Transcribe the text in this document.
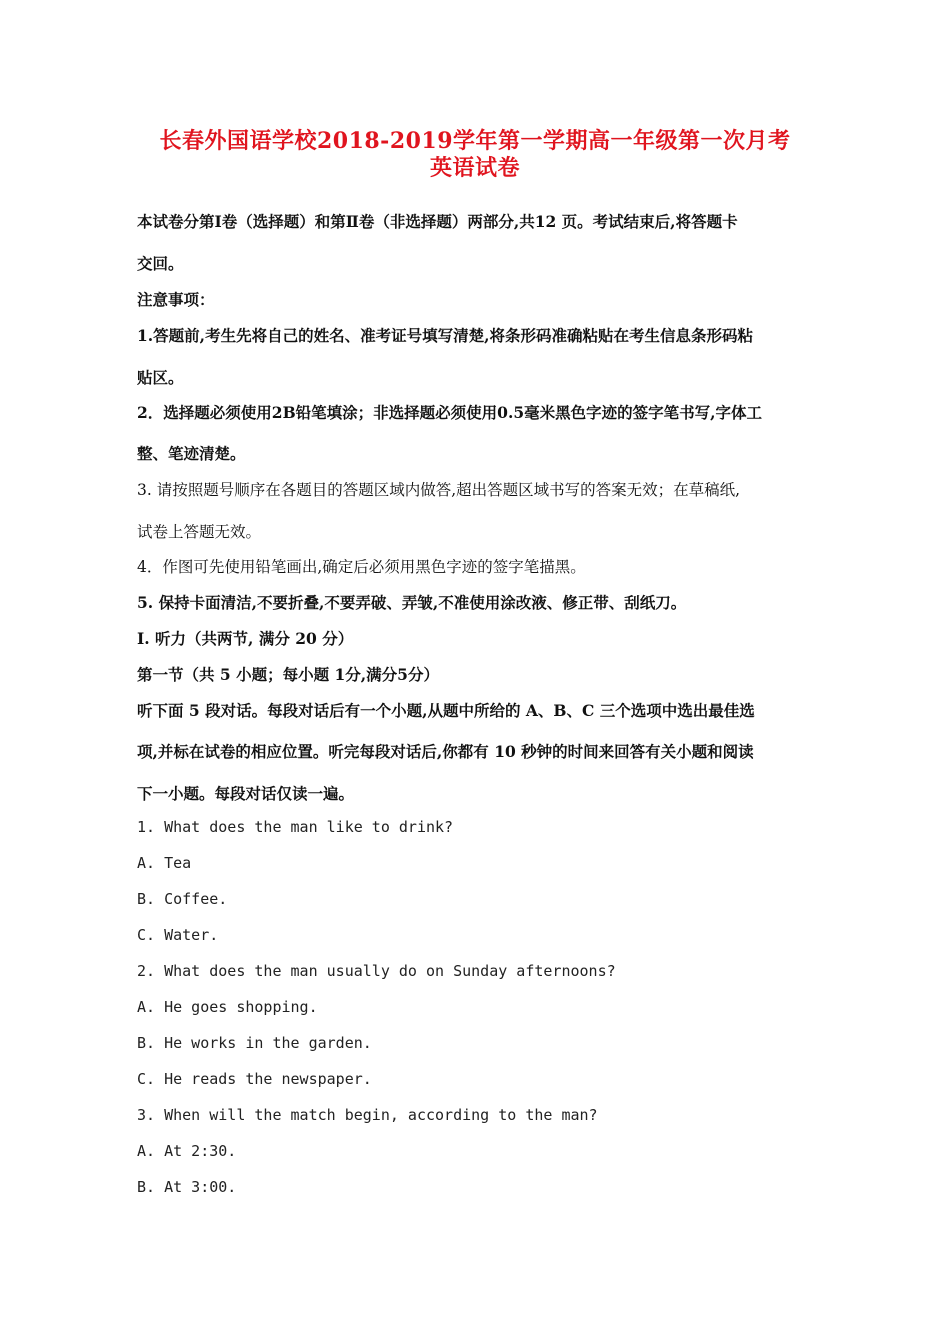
长春外国语学校2018-2019学年第一学期高一年级第一次月考
英语试卷
本试卷分第Ⅰ卷（选择题）和第Ⅱ卷（非选择题）两部分,共12 页。考试结束后,将答题卡
交回。
注意事项：
1.答题前,考生先将自己的姓名、准考证号填写清楚,将条形码准确粘贴在考生信息条形码粘
贴区。
2．选择题必须使用2B铅笔填涂；非选择题必须使用0.5毫米黑色字迹的签字笔书写,字体工
整、笔迹清楚。
3. 请按照题号顺序在各题目的答题区域内做答,超出答题区域书写的答案无效；在草稿纸,
试卷上答题无效。
4．作图可先使用铅笔画出,确定后必须用黑色字迹的签字笔描黑。
5. 保持卡面清洁,不要折叠,不要弄破、弄皱,不准使用涂改液、修正带、刮纸刀。
I. 听力（共两节, 满分 20 分）
第一节（共 5 小题；每小题 1分,满分5分）
听下面 5 段对话。每段对话后有一个小题,从题中所给的 A、B、C 三个选项中选出最佳选
项,并标在试卷的相应位置。听完每段对话后,你都有 10 秒钟的时间来回答有关小题和阅读
下一小题。每段对话仅读一遍。
1. What does the man like to drink?
A. Tea
B. Coffee.
C. Water.
2. What does the man usually do on Sunday afternoons?
A. He goes shopping.
B. He works in the garden.
C. He reads the newspaper.
3. When will the match begin, according to the man?
A. At 2:30.
B. At 3:00.
